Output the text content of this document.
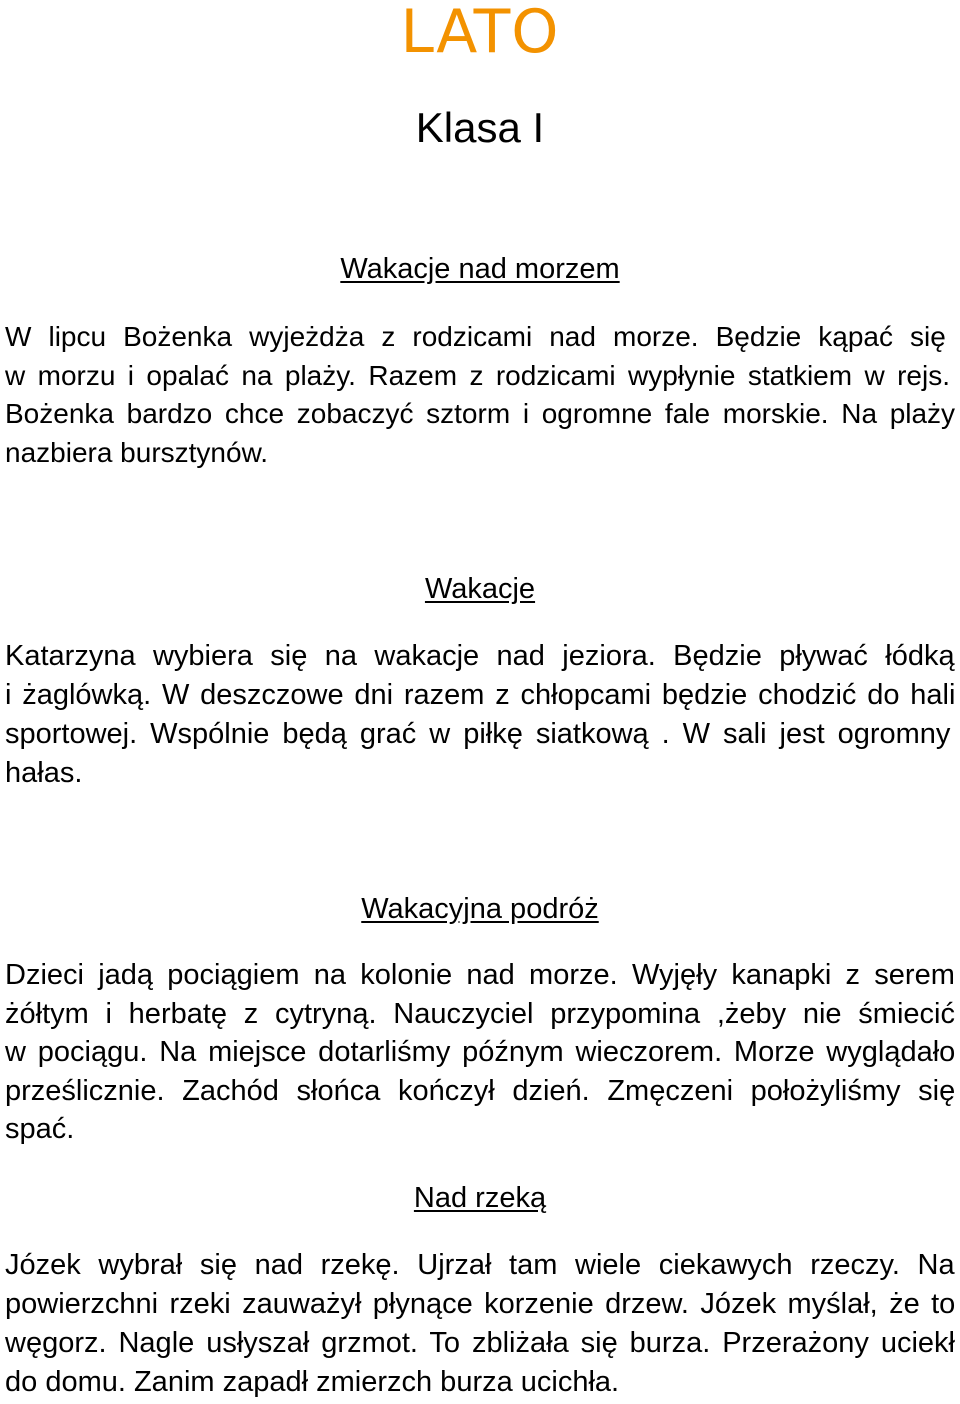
LATO
Klasa I
Wakacje nad morzem
W lipcu Bożenka wyjeżdża z rodzicami nad morze. Będzie kąpać się
w morzu i opalać na plaży. Razem z rodzicami wypłynie statkiem w rejs.
Bożenka bardzo chce zobaczyć sztorm i ogromne fale morskie. Na plaży
nazbiera bursztynów.
Wakacje
Katarzyna wybiera się na wakacje nad jeziora. Będzie pływać łódką
i żaglówką. W deszczowe dni razem z chłopcami będzie chodzić do hali
sportowej. Wspólnie będą grać w piłkę siatkową . W sali jest ogromny
hałas.
Wakacyjna podróż
Dzieci jadą pociągiem na kolonie nad morze. Wyjęły kanapki z serem
żółtym i herbatę z cytryną. Nauczyciel przypomina ,żeby nie śmiecić
w pociągu. Na miejsce dotarliśmy późnym wieczorem. Morze wyglądało
prześlicznie. Zachód słońca kończył dzień. Zmęczeni położyliśmy się
spać.
Nad rzeką
Józek wybrał się nad rzekę. Ujrzał tam wiele ciekawych rzeczy. Na
powierzchni rzeki zauważył płynące korzenie drzew. Józek myślał, że to
węgorz. Nagle usłyszał grzmot. To zbliżała się burza. Przerażony uciekł
do domu. Zanim zapadł zmierzch burza ucichła.
